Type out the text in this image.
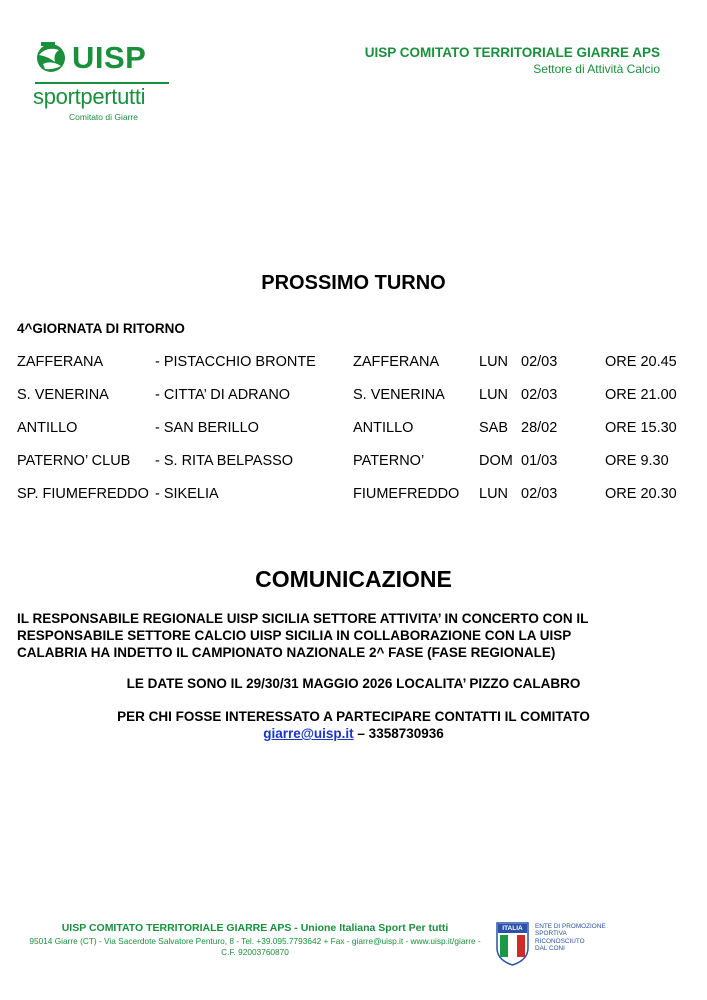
UISP
sportpertutti
Comitato di Giarre
UISP COMITATO TERRITORIALE GIARRE APS
Settore di Attività Calcio
PROSSIMO TURNO
4^GIORNATA DI RITORNO
ZAFFERANA	- PISTACCHIO BRONTE	ZAFFERANA	LUN 02/03	ORE 20.45
S. VENERINA	- CITTA’ DI ADRANO	S. VENERINA LUN 02/03	ORE 21.00
ANTILLO	- SAN BERILLO	ANTILLO	SAB 28/02	ORE 15.30
PATERNO’ CLUB - S. RITA BELPASSO	PATERNO’	DOM 01/03	ORE 9.30
SP. FIUMEFREDDO - SIKELIA	FIUMEFREDDO LUN 02/03	ORE 20.30
COMUNICAZIONE
IL RESPONSABILE REGIONALE UISP SICILIA SETTORE ATTIVITA’ IN CONCERTO CON IL
RESPONSABILE SETTORE CALCIO UISP SICILIA IN COLLABORAZIONE CON LA UISP
CALABRIA HA INDETTO IL CAMPIONATO NAZIONALE 2^ FASE (FASE REGIONALE)
LE DATE SONO IL 29/30/31 MAGGIO 2026 LOCALITA’ PIZZO CALABRO
PER CHI FOSSE INTERESSATO A PARTECIPARE CONTATTI IL COMITATO
giarre@uisp.it – 3358730936
UISP COMITATO TERRITORIALE GIARRE APS - Unione Italiana Sport Per tutti
95014 Giarre (CT) - Via Sacerdote Salvatore Penturo, 8 - Tel. +39.095.7793642 + Fax - giarre@uisp.it - www.uisp.it/giarre -
C.F. 92003760870
ITALIA	ENTE DI PROMOZIONE
SPORTIVA
RICONOSCIUTO
DAL CONI
